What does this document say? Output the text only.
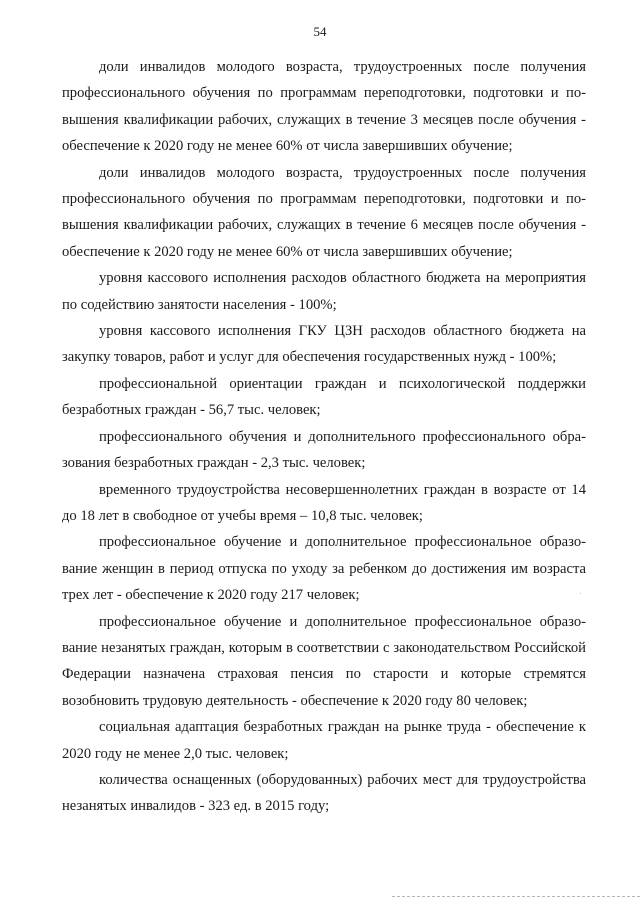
54

доли инвалидов молодого возраста, трудоустроенных после получения профессионального обучения по программам переподготовки, подготовки и повышения квалификации рабочих, служащих в течение 3 месяцев после обучения - обеспечение к 2020 году не менее 60% от числа завершивших обучение;

доли инвалидов молодого возраста, трудоустроенных после получения профессионального обучения по программам переподготовки, подготовки и повышения квалификации рабочих, служащих в течение 6 месяцев после обучения - обеспечение к 2020 году не менее 60% от числа завершивших обучение;

уровня кассового исполнения расходов областного бюджета на мероприятия по содействию занятости населения - 100%;

уровня кассового исполнения ГКУ ЦЗН расходов областного бюджета на закупку товаров, работ и услуг для обеспечения государственных нужд - 100%;

профессиональной ориентации граждан и психологической поддержки безработных граждан - 56,7 тыс. человек;

профессионального обучения и дополнительного профессионального образования безработных граждан - 2,3 тыс. человек;

временного трудоустройства несовершеннолетних граждан в возрасте от 14 до 18 лет в свободное от учебы время – 10,8 тыс. человек;

профессиональное обучение и дополнительное профессиональное образование женщин в период отпуска по уходу за ребенком до достижения им возраста трех лет - обеспечение к 2020 году 217 человек;

профессиональное обучение и дополнительное профессиональное образование незанятых граждан, которым в соответствии с законодательством Российской Федерации назначена страховая пенсия по старости и которые стремятся возобновить трудовую деятельность - обеспечение к 2020 году 80 человек;

социальная адаптация безработных граждан на рынке труда - обеспечение к 2020 году не менее 2,0 тыс. человек;

количества оснащенных (оборудованных) рабочих мест для трудоустройства незанятых инвалидов - 323 ед. в 2015 году;
